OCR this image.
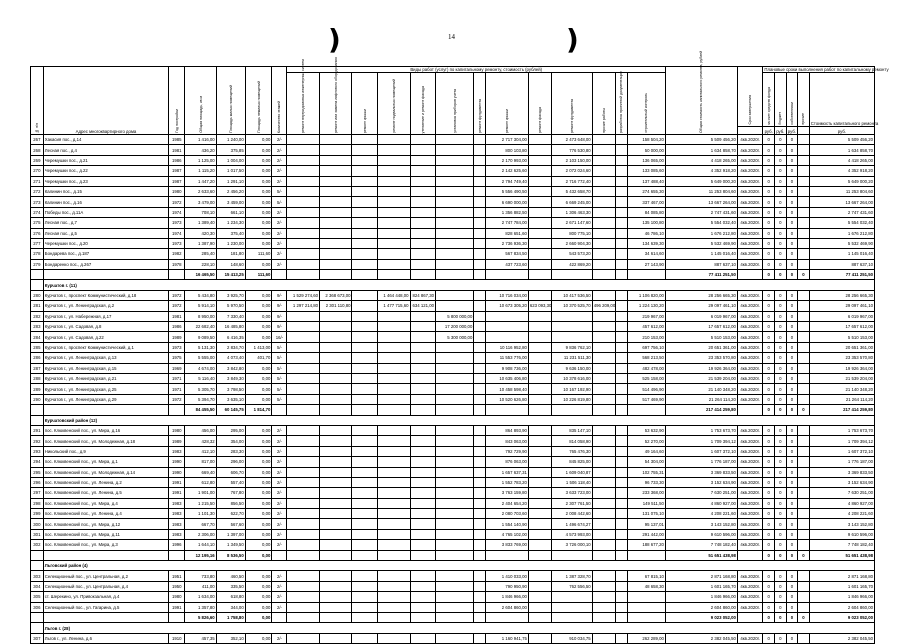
)	14	)
№ п/п	Адрес многоквартирного дома	Год постройки	Общая площадь, кв.м	Площадь жилых помещений	Площадь нежилых помещений	Количество этажей	Виды работ (услуг) по капитальному ремонту, стоимость (рублей)													Общая стоимость капитального ремонта, рублей	Срок завершения	Плановые сроки выполнения работ по капитальному ремонту				
							ремонт внутридомовых инженерных систем	ремонт или замена лифтового оборудования	ремонт крыши	ремонт подвальных помещений	утепление и ремонт фасада	установка приборов учета	ремонт фундамента	ремонт крыши	ремонт фасада	ремонт фундамента	прочие работы	разработка проектной документации	строительный контроль			за счет средств фонда	бюджет	собственники	прочие	Стоимость капитального ремонта
																						руб.	руб.	руб.		руб.
267	Хакасия пос., д.14	1985	1 416,00	1 240,00	0,00	2/-								2 717 304,00		2 473 648,00			158 504,20	5 509 456,20	4кв.2020г.	0	0	0		5 509 456,20
268	Лесная пос., д.4	1981	436,20	375,85	0,00	2/-								800 103,80		776 530,80			50 000,00	1 634 858,70	4кв.2020г.	0	0	0		1 634 858,70
269	Черемушки пос., д.21	1986	1 125,00	1 004,00	0,00	2/-								2 170 993,00		2 103 150,00			136 065,00	4 418 265,00	4кв.2020г.	0	0	0		4 418 265,00
270	Черемушки пос., д.22	1987	1 115,20	1 017,50	0,00	2/-								2 142 625,60		2 072 024,60			133 085,60	4 352 918,20	4кв.2020г.	0	0	0		4 352 918,20
271	Черемушки пос., д.23	1987	1 447,20	1 291,10	0,00	2/-								2 794 749,40		2 716 772,40			137 488,40	5 649 000,20	4кв.2020г.	0	0	0		5 649 000,20
272	Калинин пос., д.15	1980	2 633,60	2 456,20	0,00	5/-								5 556 490,50		5 432 658,70			274 655,30	11 253 804,60	4кв.2020г.	0	0	0		11 253 804,60
273	Калинин пос., д.16	1972	3 479,00	3 459,00	0,00	5/-								6 690 000,00		6 669 245,00			337 467,00	13 667 264,00	4кв.2020г.	0	0	0		13 667 264,00
274	Победы пос., д.11А	1974	708,10	661,10	0,00	2/-								1 356 882,50		1 306 463,30			84 085,80	2 747 431,60	4кв.2020г.	0	0	0		2 747 431,60
275	Лесная пос., д.7	1973	1 389,40	1 234,30	0,00	2/-								2 747 784,00		2 671 147,60			135 100,80	5 554 032,40	4кв.2020г.	0	0	0		5 554 032,40
276	Лесная пос., д.5	1974	420,30	375,40	0,00	2/-								828 651,60		800 775,10			46 786,10	1 676 212,80	4кв.2020г.	0	0	0		1 676 212,80
277	Черемушки пос., д.20	1973	1 387,90	1 230,00	0,00	2/-								2 736 936,30		2 660 904,30			134 639,30	5 532 469,90	4кв.2020г.	0	0	0		5 532 469,90
278	Бондарева пос., д.187	1982	285,40	181,80	111,60	2/-								567 834,50		543 573,20			34 614,60	1 145 016,40	4кв.2020г.	0	0	0		1 145 016,40
279	Бондаренко пос., д.267	1978	228,10	148,60	0,00	2/-								437 723,60		422 869,20			27 143,90	887 637,10	4кв.2020г.	0	0	0		887 637,10
			16 465,50	15 413,25	111,60															77 411 251,50		0	0	0	0	77 411 251,50
	Курчатов г. (11)																									
280	Курчатов г., проспект Коммунистический, д.18	1972	5 434,80	3 925,70	0,00	9/-	1 529 274,60	2 368 673,00		1 464 448,00	824 867,30			10 716 034,00		10 417 536,50			1 106 820,00	28 256 665,30	4кв.2020г.	0	0	0		28 256 665,30
281	Курчатов г., ул. Ленинградская, д.2	1972	5 914,10	5 970,50	0,00	9/-	1 297 214,80	2 301 110,80		1 477 715,60	634 121,00			10 673 305,20	623 093,30	10 370 525,70	496 209,00		1 224 130,20	29 097 461,10	4кв.2020г.	0	0	0		29 097 461,10
282	Курчатов г., ул. Набережная, д.17	1981	8 950,00	7 330,40	0,00	9/-						5 800 000,00							219 967,00	6 019 967,00	4кв.2020г.	0	0	0		6 019 967,00
283	Курчатов г., ул. Садовая, д.8	1986	22 682,40	16 485,80	0,00	9/-						17 200 000,00							457 612,00	17 657 612,00	4кв.2020г.	0	0	0		17 657 612,00
284	Курчатов г., ул. Садовая, д.22	1989	9 089,50	6 416,35	0,00	16/-						5 300 000,00							210 153,00	5 510 153,00	4кв.2020г.	0	0	0		5 510 153,00
285	Курчатов г., проспект Коммунистический, д.1	1973	5 131,30	2 834,70	1 413,00	5/-								10 116 952,80		9 836 762,10			697 756,10	20 651 361,00	4кв.2020г.	0	0	0		20 651 361,00
286	Курчатов г., ул. Ленинградская, д.13	1975	5 555,00	4 073,40	401,70	5/-								11 553 776,00		11 231 511,30			568 213,50	23 353 570,80	4кв.2020г.	0	0	0		23 353 570,80
287	Курчатов г., ул. Ленинградская, д.15	1969	4 674,00	3 842,80	0,00	5/-								9 908 736,00		9 636 150,00			482 478,00	19 926 364,00	4кв.2020г.	0	0	0		19 926 364,00
288	Курчатов г., ул. Ленинградская, д.21	1971	5 116,40	3 849,30	0,00	5/-								10 635 406,80		10 378 616,00			525 158,00	21 539 204,00	4кв.2020г.	0	0	0		21 539 204,00
289	Курчатов г., ул. Ленинградская, д.25	1971	5 305,70	3 798,50	0,00	5/-								10 458 598,40		10 167 192,90			514 496,90	21 140 348,20	4кв.2020г.	0	0	0		21 140 348,20
290	Курчатов г., ул. Ленинградская, д.29	1972	5 394,70	3 635,10	0,00	5/-								10 520 626,80		10 226 819,80			517 469,90	21 264 114,20	4кв.2020г.	0	0	0		21 264 114,20
			84 455,50	60 145,75	1 814,70															217 414 259,80		0	0	0	0	217 414 259,80
	Курчатовский район (12)																									
291	пос. Клюквенский пос., ул. Мира, д.16	1980	456,00	295,00	0,00	2/-								864 893,90		835 147,10			53 632,90	1 753 673,70	4кв.2020г.	0	0	0		1 753 673,70
292	пос. Клюквенский пос., ул. Молодежная, д.18	1989	428,32	354,00	0,00	2/-								843 063,00		814 058,90			52 270,00	1 709 394,12	4кв.2020г.	0	0	0		1 709 394,12
293	Никольский пос., д.9	1983	412,10	283,30	0,00	2/-								792 729,90		765 476,30			49 164,60	1 607 372,10	4кв.2020г.	0	0	0		1 607 372,10
294	пос. Клюквенский пос., ул. Мира, д.1	1990	817,00	296,00	0,00	2/-								876 063,00		845 825,00			54 304,00	1 776 187,00	4кв.2020г.	0	0	0		1 776 187,00
295	пос. Клюквенский пос., ул. Молодежная, д.14	1990	669,40	606,70	0,00	2/-								1 657 637,31		1 609 040,87			102 755,31	3 369 833,50	4кв.2020г.	0	0	0		3 369 833,50
296	пос. Клюквенский пос., ул. Ленина, д.2	1991	612,80	557,40	0,00	2/-								1 552 783,20		1 506 118,40			96 733,30	3 152 634,90	4кв.2020г.	0	0	0		3 152 634,90
297	пос. Клюквенский пос., ул. Ленина, д.5	1991	1 901,00	767,80	0,00	2/-								3 763 159,80		3 633 723,00			233 368,00	7 630 251,00	4кв.2020г.	0	0	0		7 630 251,00
298	пос. Клюквенский пос., ул. Мира, д.4	1983	1 215,50	856,50	0,00	2/-								2 404 654,20		2 307 761,50			149 511,50	4 860 927,00	4кв.2020г.	0	0	0		4 860 927,00
299	пос. Клюквенский пос., ул. Ленина, д.4	1983	1 101,30	622,70	0,00	2/-								2 080 703,60		2 008 442,60			131 075,10	4 208 221,60	4кв.2020г.	0	0	0		4 208 221,60
300	пос. Клюквенский пос., ул. Мира, д.12	1983	667,70	567,60	0,00	2/-								1 554 140,90		1 496 674,27			95 137,01	3 143 152,80	4кв.2020г.	0	0	0		3 143 152,80
301	пос. Клюквенский пос., ул. Мира, д.11	1983	2 306,00	1 397,00	0,00	2/-								4 765 102,00		4 573 993,00			291 442,00	9 610 596,00	4кв.2020г.	0	0	0		9 610 596,00
302	пос. Клюквенский пос., ул. Мира, д.3	1996	1 644,10	1 349,50	0,00	2/-								3 833 769,00		3 726 000,10			188 677,20	7 748 182,40	4кв.2020г.	0	0	0		7 748 182,40
			12 195,16	8 536,50	0,00															51 651 438,98		0	0	0	0	51 651 438,98
	Льговский район (4)																									
303	Селекционный пос., ул. Центральная, д.2	1951	733,80	460,50	0,00	2/-								1 410 033,00		1 387 328,70			67 815,10	2 871 168,80	4кв.2020г.	0	0	0		2 871 168,80
304	Селекционный пос., ул. Центральная, д.4	1950	411,00	335,50	0,00	2/-								790 950,90		762 556,50			48 658,30	1 601 165,70	4кв.2020г.	0	0	0		1 601 165,70
305	ст. Шерекино, ул. Привокзальная, д.4	1980	1 634,00	618,80	0,00	2/-								1 846 966,00						1 846 966,00	4кв.2020г.	0	0	0		1 846 966,00
306	Селекционный пос., ул. Гагарина, д.5	1991	1 357,80	344,00	0,00	2/-								2 604 860,00						2 604 860,00	4кв.2020г.	0	0	0		2 604 860,00
			5 826,60	1 758,80	0,00															9 023 052,00		0	0	0	0	9 023 052,00
	Льгов г. (28)																									
307	Льгов г., ул. Ленина, д.6	1910	457,35	352,10	0,00	2/-								1 160 941,75		910 034,75			262 289,00	2 382 045,50	4кв.2020г.	0	0	0		2 382 045,50
